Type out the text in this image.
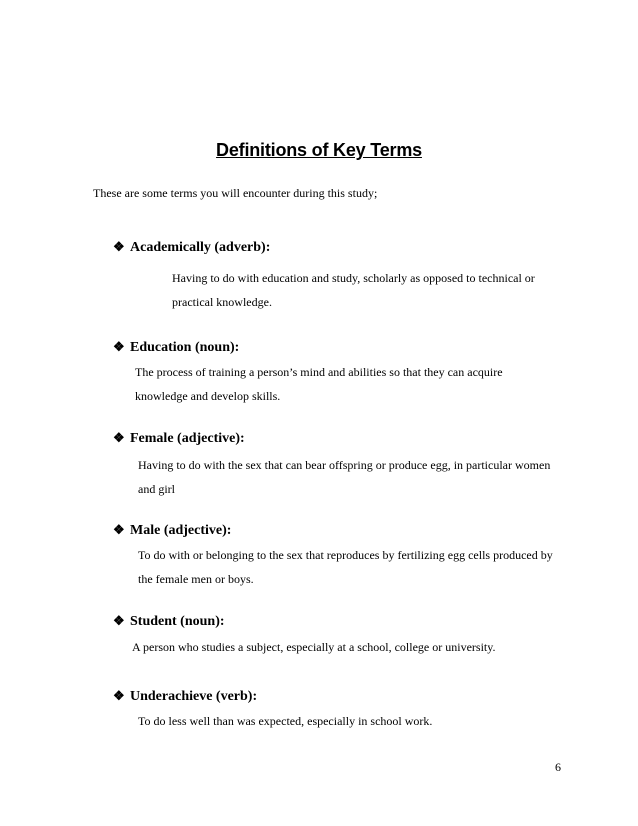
Definitions of Key Terms
These are some terms you will encounter during this study;
❖ Academically (adverb):
Having to do with education and study, scholarly as opposed to technical or practical knowledge.
❖ Education (noun):
The process of training a person’s mind and abilities so that they can acquire knowledge and develop skills.
❖ Female (adjective):
Having to do with the sex that can bear offspring or produce egg, in particular women and girl
❖ Male (adjective):
To do with or belonging to the sex that reproduces by fertilizing egg cells produced by the female men or boys.
❖ Student (noun):
A person who studies a subject, especially at a school, college or university.
❖ Underachieve (verb):
To do less well than was expected, especially in school work.
6
